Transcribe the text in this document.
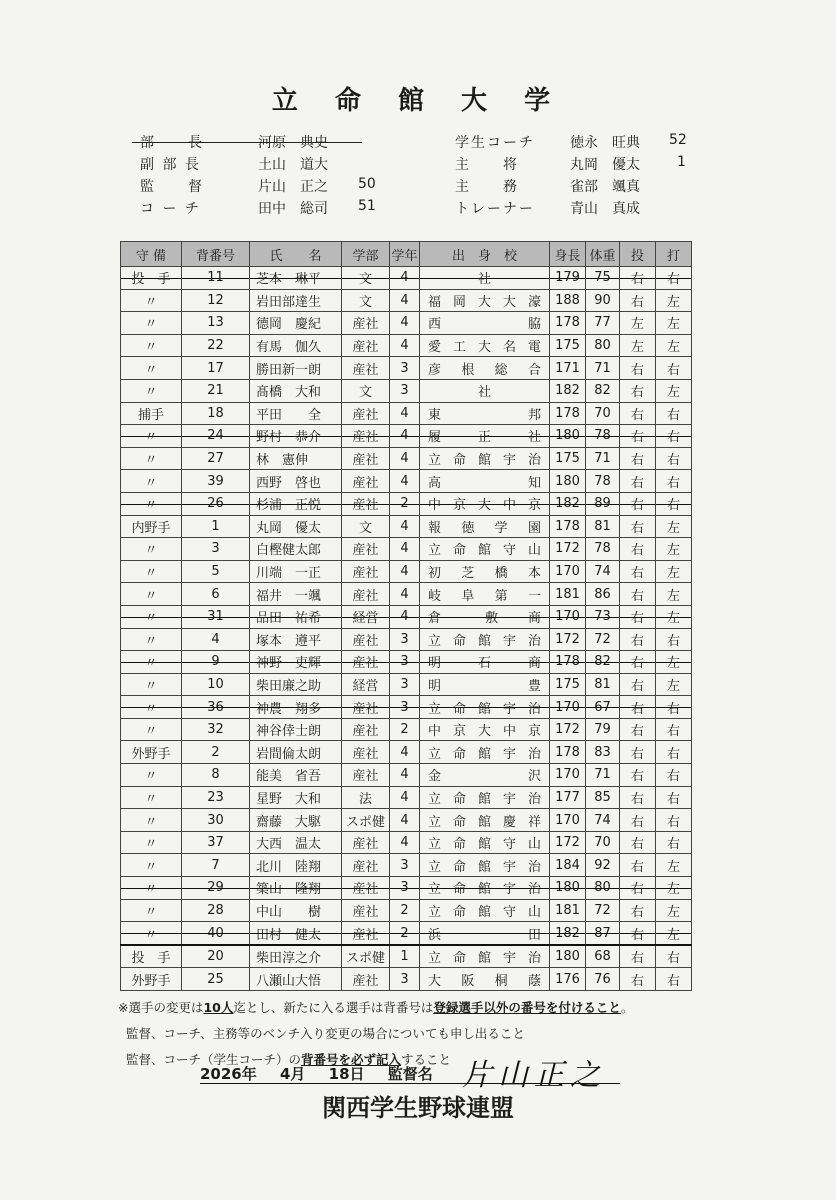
立 命 館 大 学
部　　長	河原　典史
副 部 長	土山　道大
監　　督	片山　正之 50
コ ー チ	田中　総司 51
学生コーチ	徳永　旺典 52
主　　将	丸岡　優太	1
主　　務	雀部　颯真
トレーナー	青山　真成
守 備	背番号	氏　　名	学部	学年	出　身　校	身長	体重	投	打
投　手	11	芝本　琳平	文	4	社	179	75	右	右
〃	12	岩田部達生	文	4	福 岡 大 大 濠	188	90	右	左
〃	13	德岡　慶紀	産社	4	西　　　　脇	178	77	左	左
〃	22	有馬　伽久	産社	4	愛 工 大 名 電	175	80	左	左
〃	17	勝田新一朗	産社	3	彦　根　総　合	171	71	右	右
〃	21	髙橋　大和	文	3	社	182	82	右	左
捕手	18	平田　　全	産社	4	東　　　　邦	178	70	右	右
〃	24	野村　恭介	産社	4	履　　正　　社	180	78	右	右
〃	27	林　憲伸	産社	4	立 命 館 宇 治	175	71	右	右
〃	39	西野　啓也	産社	4	高　　　　知	180	78	右	右
〃	26	杉浦　正悦	産社	2	中 京 大 中 京	182	89	右	右
内野手	1	丸岡　優太	文	4	報　徳　学　園	178	81	右	左
〃	3	白樫健太郎	産社	4	立 命 館 守 山	172	78	右	左
〃	5	川端　一正	産社	4	初　芝　橋　本	170	74	右	左
〃	6	福井　一颯	産社	4	岐　阜　第　一	181	86	右	左
〃	31	品田　祐希	経営	4	倉　　　敷　　商	170	73	右	左
〃	4	塚本　遵平	産社	3	立 命 館 宇 治	172	72	右	右
〃	9	神野　吏輝	産社	3	明　　石　　商	178	82	右	左
〃	10	柴田廉之助	経営	3	明　　　　豊	175	81	右	左
〃	36	神農　翔多	産社	3	立 命 館 宇 治	170	67	右	右
〃	32	神谷倖士朗	産社	2	中 京 大 中 京	172	79	右	右
外野手	2	岩間倫太朗	産社	4	立 命 館 宇 治	178	83	右	右
〃	8	能美　省吾	産社	4	金　　　　沢	170	71	右	右
〃	23	星野　大和	法	4	立 命 館 宇 治	177	85	右	右
〃	30	齋藤　大駆	スポ健	4	立 命 館 慶 祥	170	74	右	右
〃	37	大西　温太	産社	4	立 命 館 守 山	172	70	右	右
〃	7	北川　陸翔	産社	3	立 命 館 宇 治	184	92	右	左
〃	29	築山　隆翔	産社	3	立 命 館 宇 治	180	80	右	左
〃	28	中山　　樹	産社	2	立 命 館 守 山	181	72	右	左
〃	40	田村　健太	産社	2	浜　　　　田	182	87	右	左
投　手	20	柴田淳之介	スポ健	1	立 命 館 宇 治	180	68	右	右
外野手	25	八瀬山大悟	産社	3	大　阪　桐　蔭	176	76	右	右
※選手の変更は10人迄とし、新たに入る選手は背番号は登録選手以外の番号を付けること。
監督、コーチ、主務等のベンチ入り変更の場合についても申し出ること
監督、コーチ（学生コーチ）の背番号を必ず記入すること
2026年 4月 18日 監督名 片山正之
関西学生野球連盟
